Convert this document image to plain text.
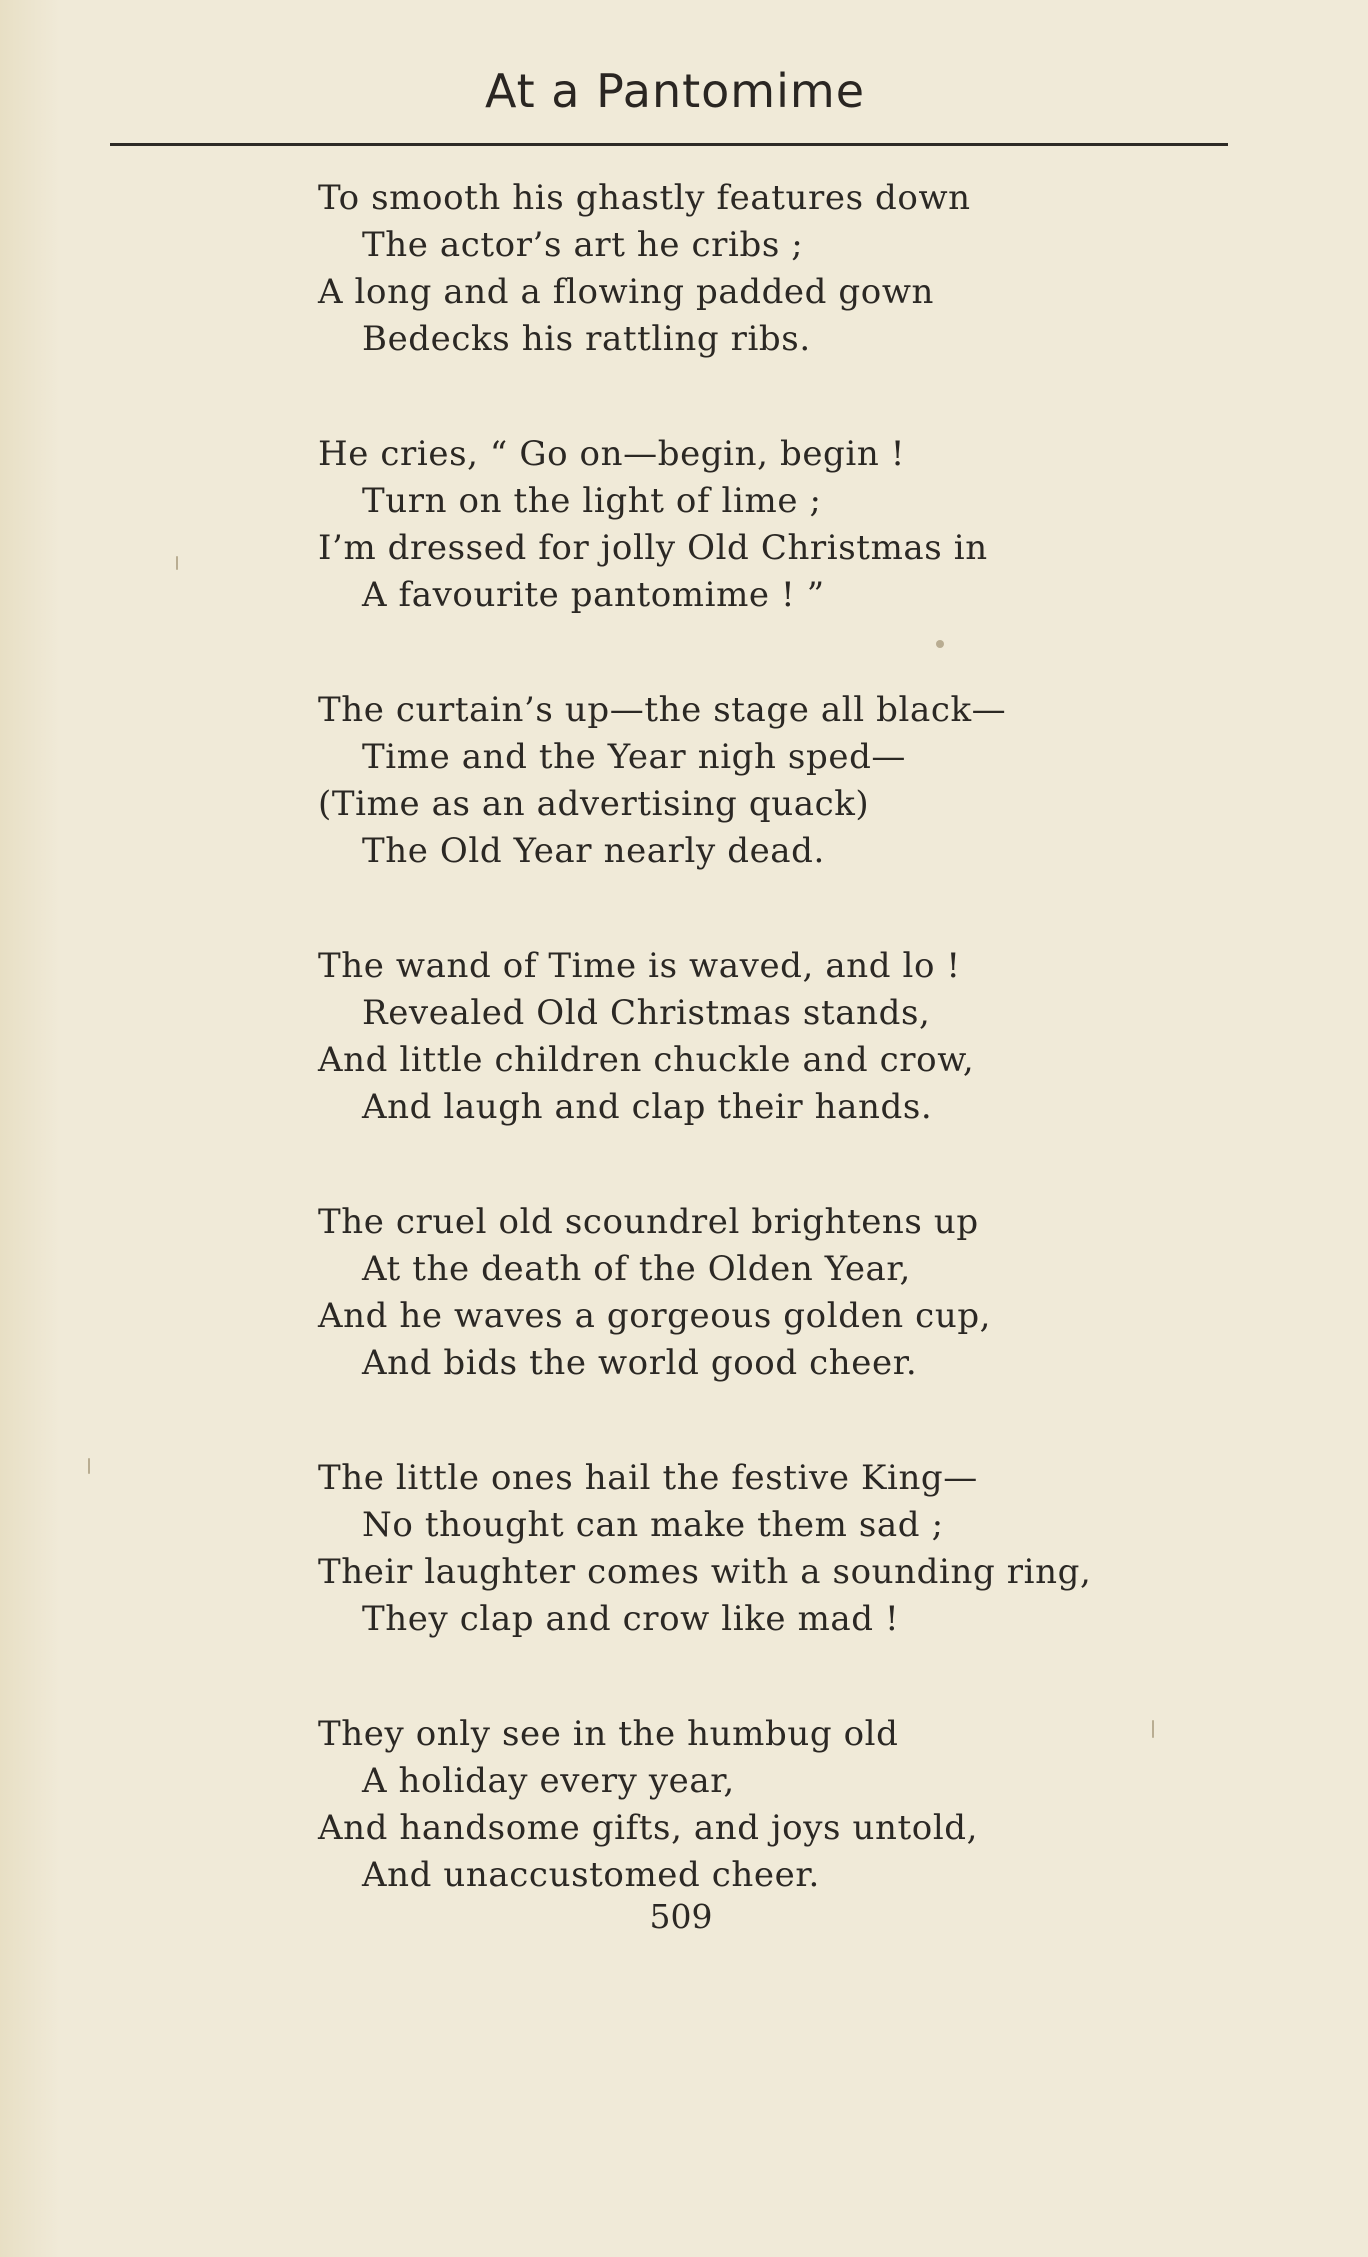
At a Pantomime
To smooth his ghastly features down
The actor’s art he cribs ;
A long and a flowing padded gown
Bedecks his rattling ribs.
He cries, “ Go on—begin, begin !
Turn on the light of lime ;
I’m dressed for jolly Old Christmas in
A favourite pantomime ! ”
The curtain’s up—the stage all black—
Time and the Year nigh sped—
(Time as an advertising quack)
The Old Year nearly dead.
The wand of Time is waved, and lo !
Revealed Old Christmas stands,
And little children chuckle and crow,
And laugh and clap their hands.
The cruel old scoundrel brightens up
At the death of the Olden Year,
And he waves a gorgeous golden cup,
And bids the world good cheer.
The little ones hail the festive King—
No thought can make them sad ;
Their laughter comes with a sounding ring,
They clap and crow like mad !
They only see in the humbug old
A holiday every year,
And handsome gifts, and joys untold,
And unaccustomed cheer.
509
